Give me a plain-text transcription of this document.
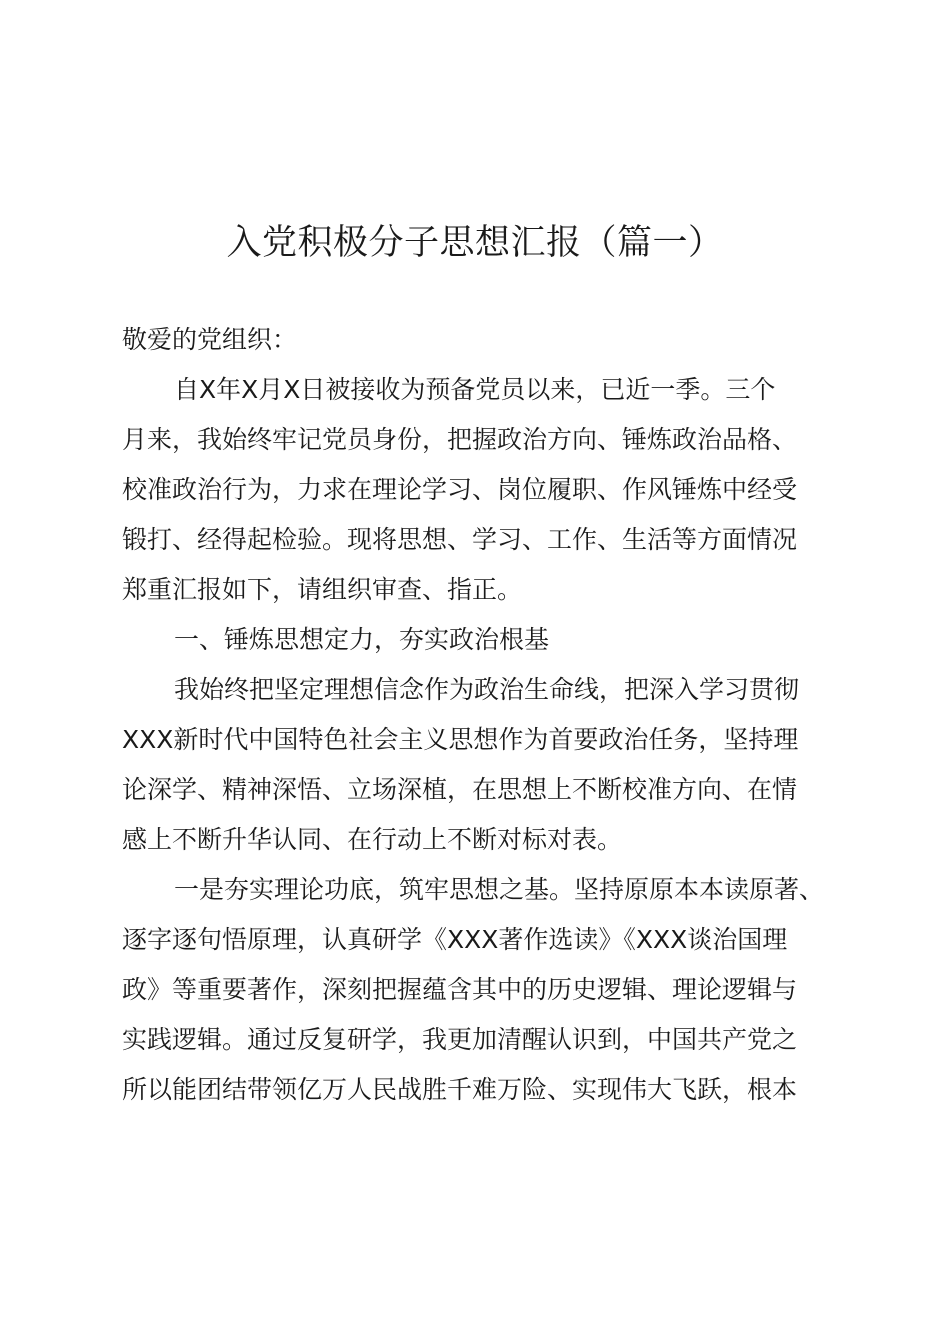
入党积极分子思想汇报（篇一）
敬爱的党组织：
自X年X月X日被接收为预备党员以来，已近一季。三个
月来，我始终牢记党员身份，把握政治方向、锤炼政治品格、
校准政治行为，力求在理论学习、岗位履职、作风锤炼中经受
锻打、经得起检验。现将思想、学习、工作、生活等方面情况
郑重汇报如下，请组织审查、指正。
一、锤炼思想定力，夯实政治根基
我始终把坚定理想信念作为政治生命线，把深入学习贯彻
XXX新时代中国特色社会主义思想作为首要政治任务，坚持理
论深学、精神深悟、立场深植，在思想上不断校准方向、在情
感上不断升华认同、在行动上不断对标对表。
一是夯实理论功底，筑牢思想之基。坚持原原本本读原著、
逐字逐句悟原理，认真研学《XXX著作选读》《XXX谈治国理
政》等重要著作，深刻把握蕴含其中的历史逻辑、理论逻辑与
实践逻辑。通过反复研学，我更加清醒认识到，中国共产党之
所以能团结带领亿万人民战胜千难万险、实现伟大飞跃，根本
